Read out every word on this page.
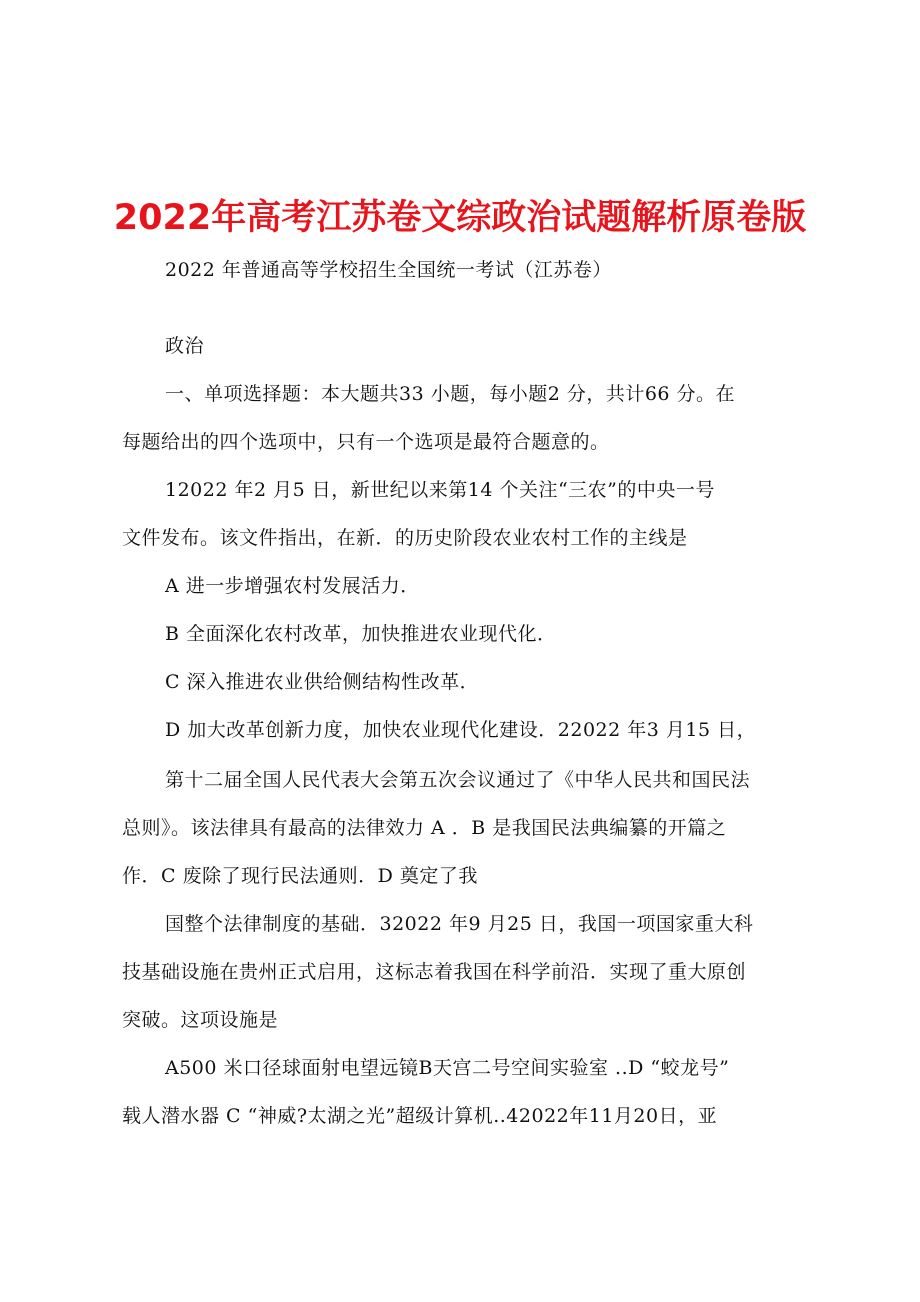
2022年高考江苏卷文综政治试题解析原卷版
2022 年普通高等学校招生全国统一考试（江苏卷）
政治
一、单项选择题：本大题共33 小题，每小题2 分，共计66 分。在
每题给出的四个选项中，只有一个选项是最符合题意的。
12022 年2 月5 日，新世纪以来第14 个关注“三农”的中央一号
文件发布。该文件指出，在新．的历史阶段农业农村工作的主线是
A 进一步增强农村发展活力．
B 全面深化农村改革，加快推进农业现代化．
C 深入推进农业供给侧结构性改革．
D 加大改革创新力度，加快农业现代化建设．22022 年3 月15 日，
第十二届全国人民代表大会第五次会议通过了《中华人民共和国民法
总则》。该法律具有最高的法律效力 A ．B 是我国民法典编纂的开篇之
作．C 废除了现行民法通则．D 奠定了我
国整个法律制度的基础．32022 年9 月25 日，我国一项国家重大科
技基础设施在贵州正式启用，这标志着我国在科学前沿．实现了重大原创
突破。这项设施是
A500 米口径球面射电望远镜B天宫二号空间实验室 ..D “蛟龙号”
载人潜水器 C “神威?太湖之光”超级计算机..42022年11月20日，亚
